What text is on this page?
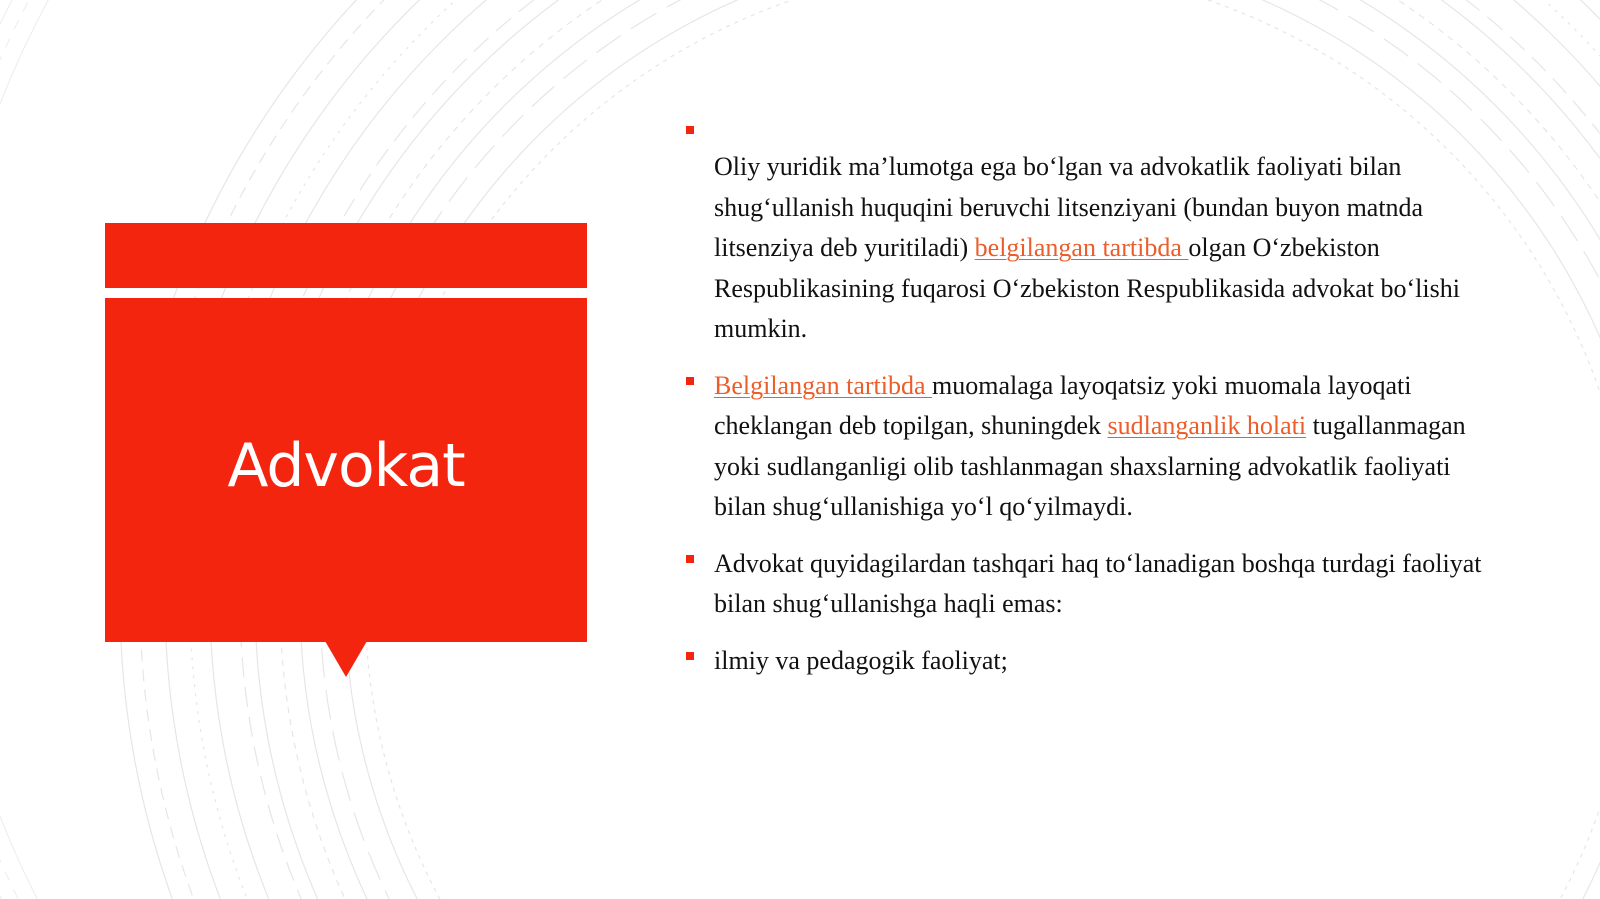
Advokat
Oliy yuridik ma’lumotga ega bo‘lgan va advokatlik faoliyati bilan shug‘ullanish huquqini beruvchi litsenziyani (bundan buyon matnda litsenziya deb yuritiladi) belgilangan tartibda olgan O‘zbekiston Respublikasining fuqarosi O‘zbekiston Respublikasida advokat bo‘lishi mumkin.
Belgilangan tartibda muomalaga layoqatsiz yoki muomala layoqati cheklangan deb topilgan, shuningdek sudlanganlik holati tugallanmagan yoki sudlanganligi olib tashlanmagan shaxslarning advokatlik faoliyati bilan shug‘ullanishiga yo‘l qo‘yilmaydi.
Advokat quyidagilardan tashqari haq to‘lanadigan boshqa turdagi faoliyat bilan shug‘ullanishga haqli emas:
ilmiy va pedagogik faoliyat;
